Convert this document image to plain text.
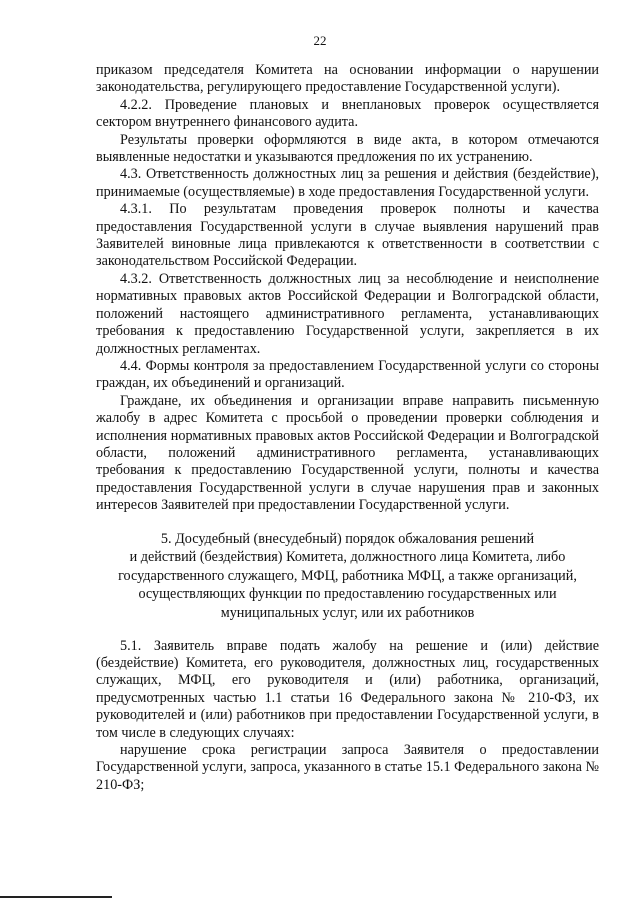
22

приказом председателя Комитета на основании информации о нарушении законодательства, регулирующего предоставление Государственной услуги).

4.2.2. Проведение плановых и внеплановых проверок осуществляется сектором внутреннего финансового аудита.

Результаты проверки оформляются в виде акта, в котором отмечаются выявленные недостатки и указываются предложения по их устранению.

4.3. Ответственность должностных лиц за решения и действия (бездействие), принимаемые (осуществляемые) в ходе предоставления Государственной услуги.

4.3.1. По результатам проведения проверок полноты и качества предоставления Государственной услуги в случае выявления нарушений прав Заявителей виновные лица привлекаются к ответственности в соответствии с законодательством Российской Федерации.

4.3.2. Ответственность должностных лиц за несоблюдение и неисполнение нормативных правовых актов Российской Федерации и Волгоградской области, положений настоящего административного регламента, устанавливающих требования к предоставлению Государственной услуги, закрепляется в их должностных регламентах.

4.4. Формы контроля за предоставлением Государственной услуги со стороны граждан, их объединений и организаций.

Граждане, их объединения и организации вправе направить письменную жалобу в адрес Комитета с просьбой о проведении проверки соблюдения и исполнения нормативных правовых актов Российской Федерации и Волгоградской области, положений административного регламента, устанавливающих требования к предоставлению Государственной услуги, полноты и качества предоставления Государственной услуги в случае нарушения прав и законных интересов Заявителей при предоставлении Государственной услуги.

5. Досудебный (внесудебный) порядок обжалования решений
и действий (бездействия) Комитета, должностного лица Комитета, либо
государственного служащего, МФЦ, работника МФЦ, а также организаций,
осуществляющих функции по предоставлению государственных или
муниципальных услуг, или их работников

5.1. Заявитель вправе подать жалобу на решение и (или) действие (бездействие) Комитета, его руководителя, должностных лиц, государственных служащих, МФЦ, его руководителя и (или) работника, организаций, предусмотренных частью 1.1 статьи 16 Федерального закона № 210-ФЗ, их руководителей и (или) работников при предоставлении Государственной услуги, в том числе в следующих случаях:

нарушение срока регистрации запроса Заявителя о предоставлении Государственной услуги, запроса, указанного в статье 15.1 Федерального закона № 210-ФЗ;
